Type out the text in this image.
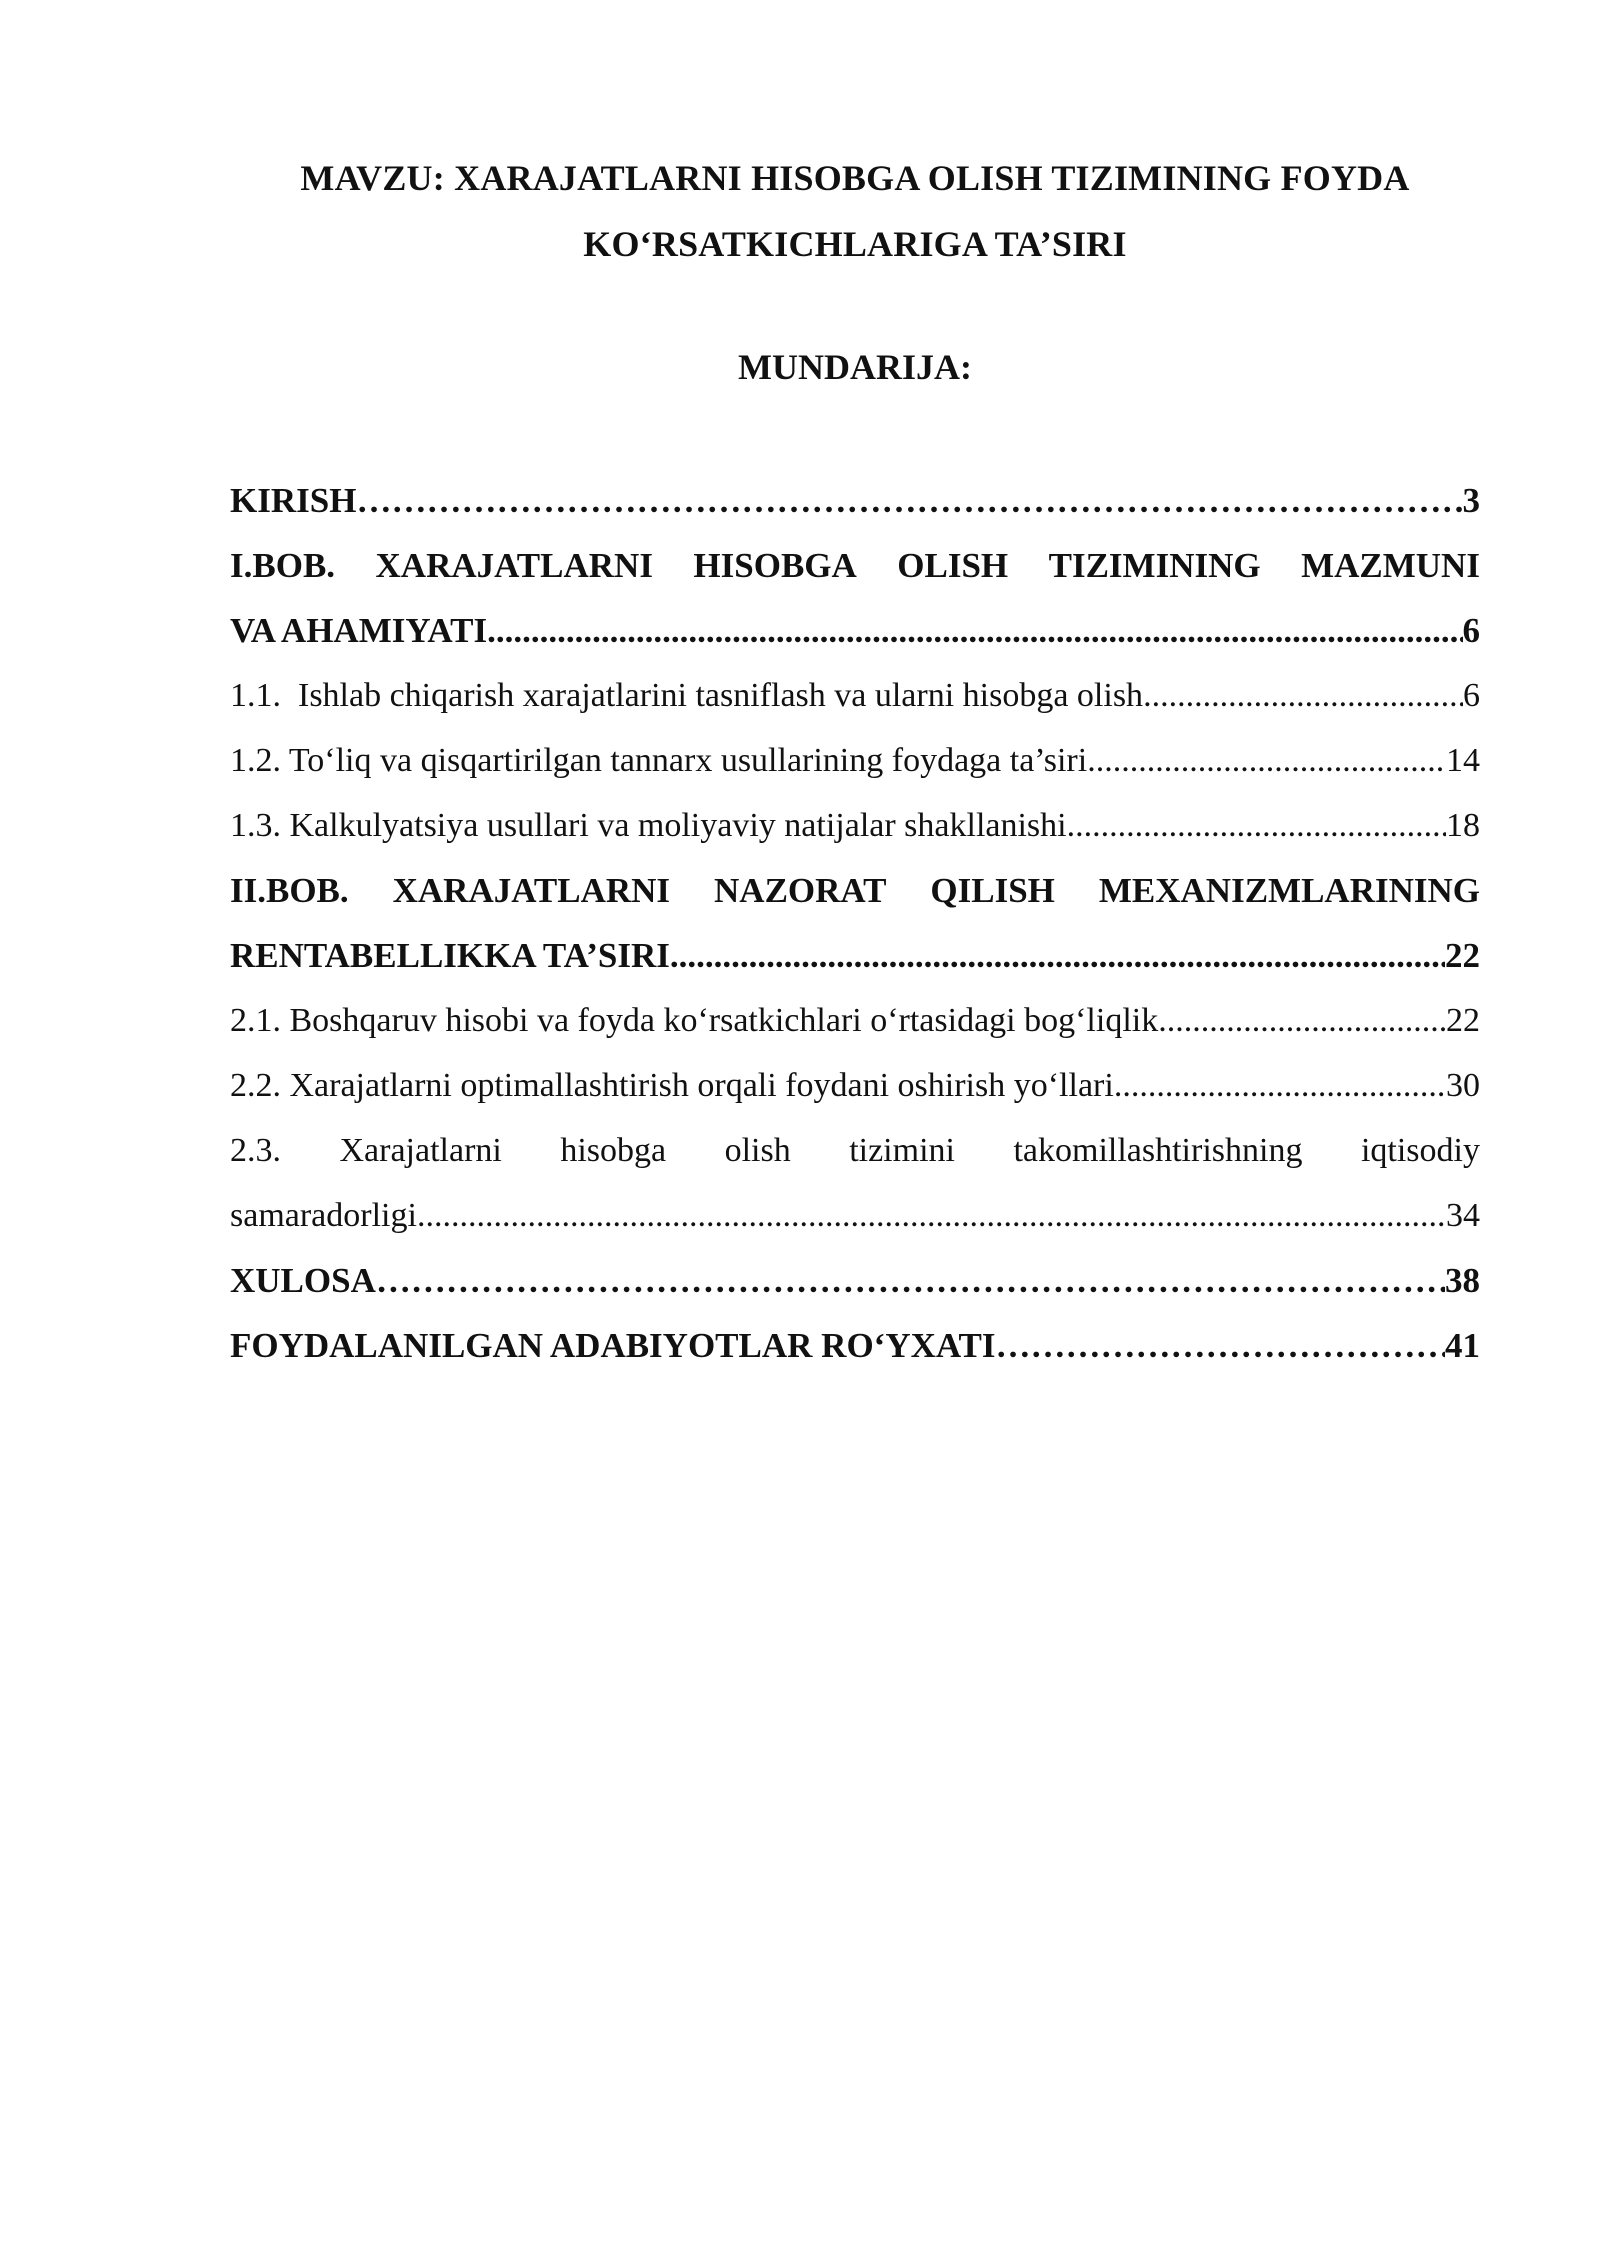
MAVZU: XARAJATLARNI HISOBGA OLISH TIZIMINING FOYDA
KO‘RSATKICHLARIGA TA’SIRI
MUNDARIJA:
KIRISH ……………………………………………………………………………………………………………………………………………………………………………………………………………	3
I.BOB. XARAJATLARNI HISOBGA OLISH TIZIMINING MAZMUNI
VA AHAMIYATI .....	6
1.1.  Ishlab chiqarish xarajatlarini tasniflash va ularni hisobga olish .....	6
1.2. To‘liq va qisqartirilgan tannarx usullarining foydaga ta’siri .....	14
1.3. Kalkulyatsiya usullari va moliyaviy natijalar shakllanishi .....	18
II.BOB. XARAJATLARNI NAZORAT QILISH MEXANIZMLARINING
RENTABELLIKKA TA’SIRI .....	22
2.1. Boshqaruv hisobi va foyda ko‘rsatkichlari o‘rtasidagi bog‘liqlik .....	22
2.2. Xarajatlarni optimallashtirish orqali foydani oshirish yo‘llari .....	30
2.3. Xarajatlarni hisobga olish tizimini takomillashtirishning iqtisodiy
samaradorligi .....	34
XULOSA ……………………………………………………………………………………………………………………………………………………………………………………………………………	38
FOYDALANILGAN ADABIYOTLAR RO‘YXATI ……………………………………………………………………………………………………………………………………………………………………………………………………………	41
